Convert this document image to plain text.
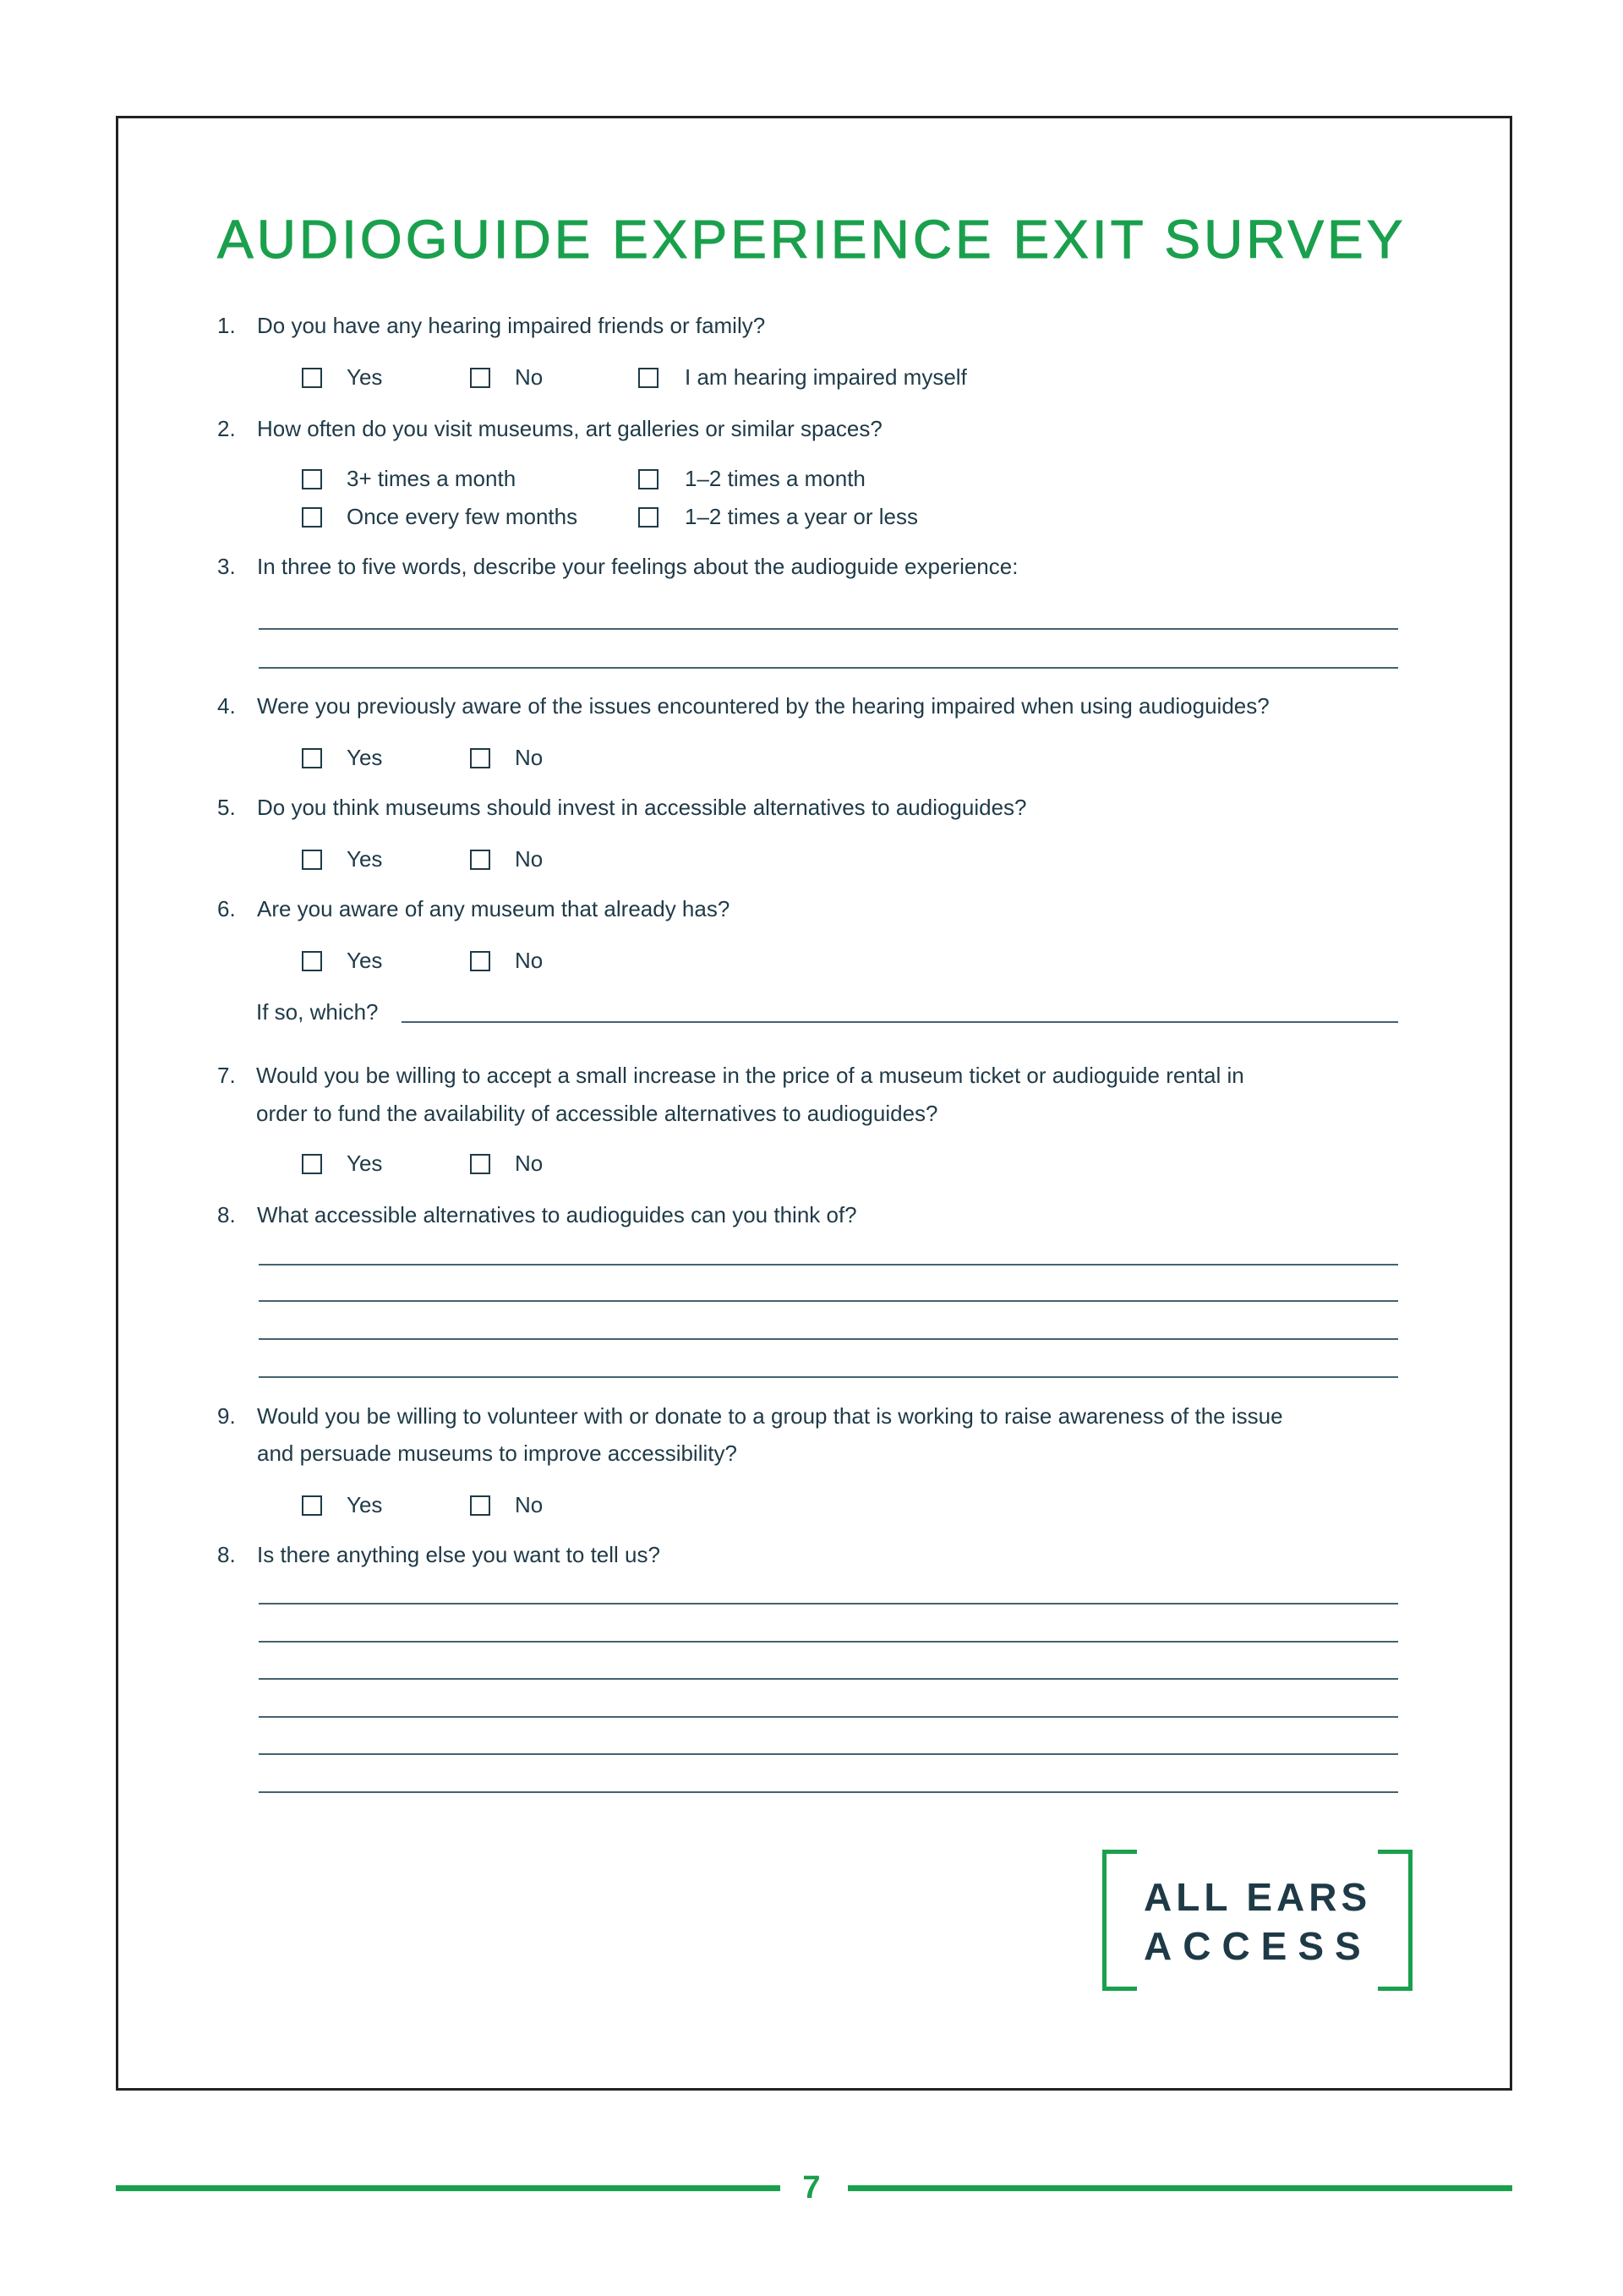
AUDIOGUIDE EXPERIENCE EXIT SURVEY
1. Do you have any hearing impaired friends or family?
Yes	No	I am hearing impaired myself
2. How often do you visit museums, art galleries or similar spaces?
3+ times a month	1–2 times a month
Once every few months	1–2 times a year or less
3. In three to five words, describe your feelings about the audioguide experience:
4. Were you previously aware of the issues encountered by the hearing impaired when using audioguides?
Yes	No
5. Do you think museums should invest in accessible alternatives to audioguides?
Yes	No
6. Are you aware of any museum that already has?
Yes	No
If so, which?
7. Would you be willing to accept a small increase in the price of a museum ticket or audioguide rental in
order to fund the availability of accessible alternatives to audioguides?
Yes	No
8. What accessible alternatives to audioguides can you think of?
9. Would you be willing to volunteer with or donate to a group that is working to raise awareness of the issue
and persuade museums to improve accessibility?
Yes	No
8. Is there anything else you want to tell us?
ALL EARS
ACCESS
7
